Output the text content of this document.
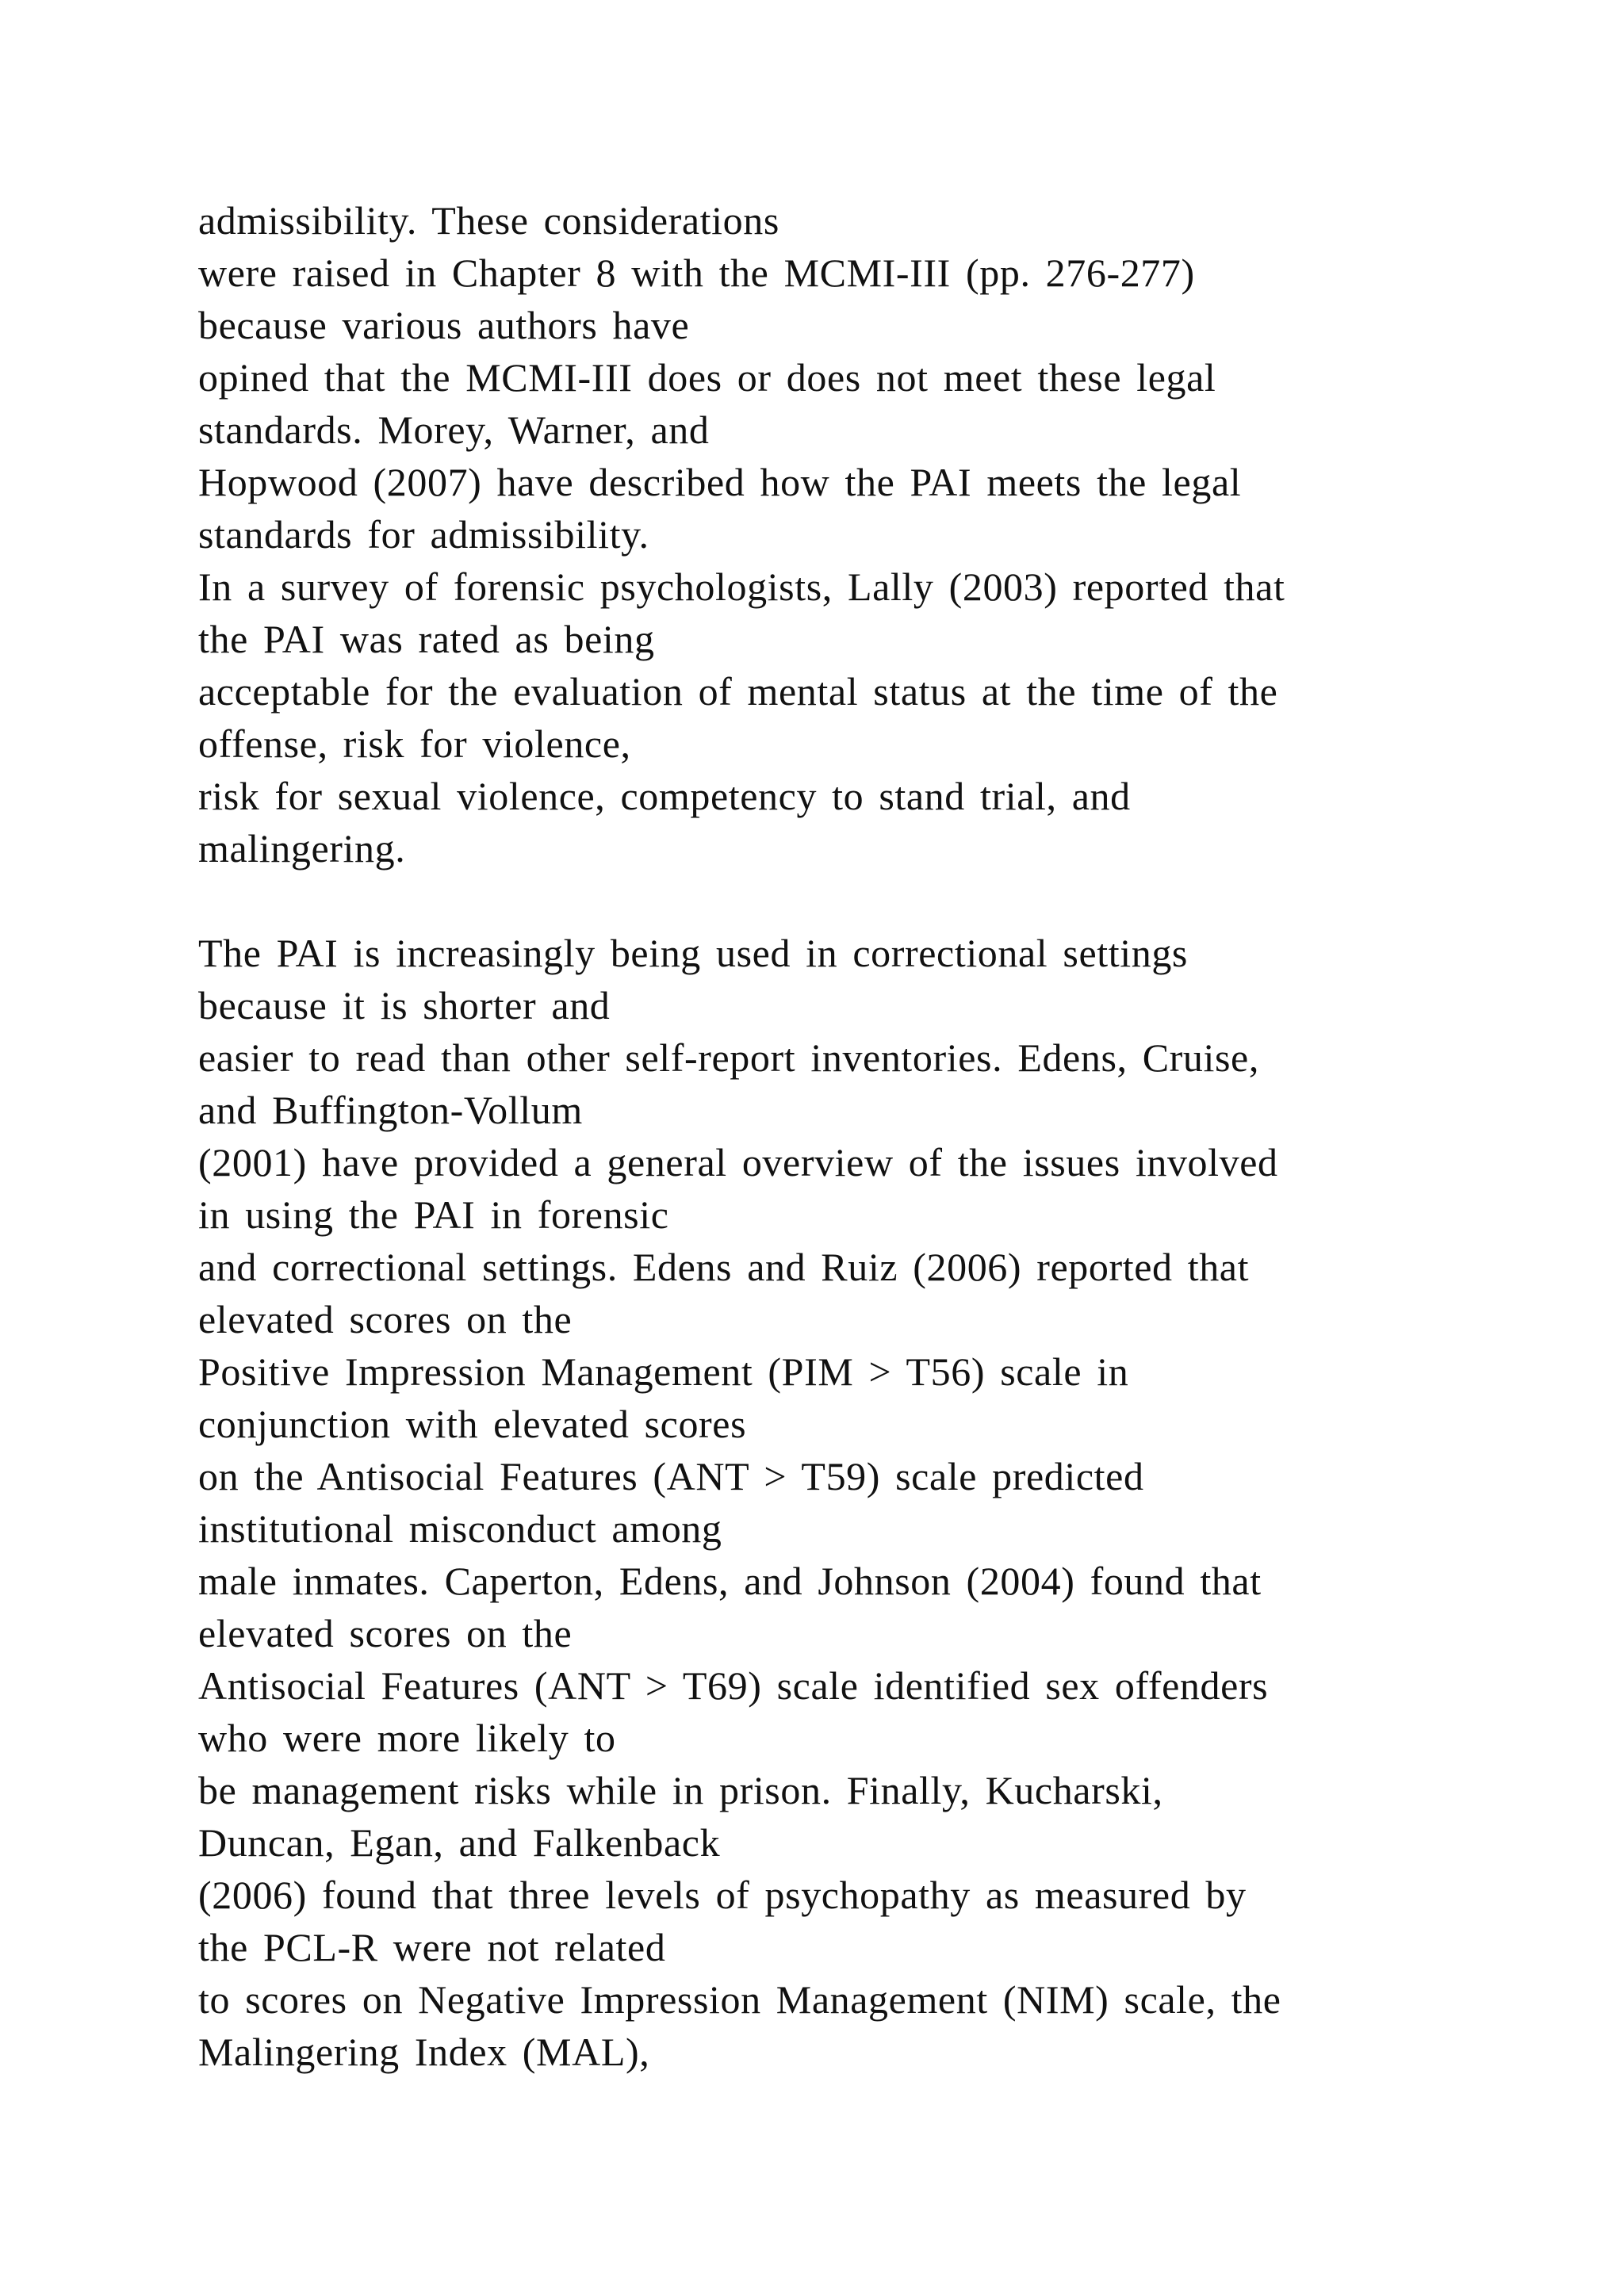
admissibility. These considerations
were raised in Chapter 8 with the MCMI-III (pp. 276-277)
because various authors have
opined that the MCMI-III does or does not meet these legal
standards. Morey, Warner, and
Hopwood (2007) have described how the PAI meets the legal
standards for admissibility.
In a survey of forensic psychologists, Lally (2003) reported that
the PAI was rated as being
acceptable for the evaluation of mental status at the time of the
offense, risk for violence,
risk for sexual violence, competency to stand trial, and
malingering.
The PAI is increasingly being used in correctional settings
because it is shorter and
easier to read than other self-report inventories. Edens, Cruise,
and Buffington-Vollum
(2001) have provided a general overview of the issues involved
in using the PAI in forensic
and correctional settings. Edens and Ruiz (2006) reported that
elevated scores on the
Positive Impression Management (PIM > T56) scale in
conjunction with elevated scores
on the Antisocial Features (ANT > T59) scale predicted
institutional misconduct among
male inmates. Caperton, Edens, and Johnson (2004) found that
elevated scores on the
Antisocial Features (ANT > T69) scale identified sex offenders
who were more likely to
be management risks while in prison. Finally, Kucharski,
Duncan, Egan, and Falkenback
(2006) found that three levels of psychopathy as measured by
the PCL-R were not related
to scores on Negative Impression Management (NIM) scale, the
Malingering Index (MAL),
